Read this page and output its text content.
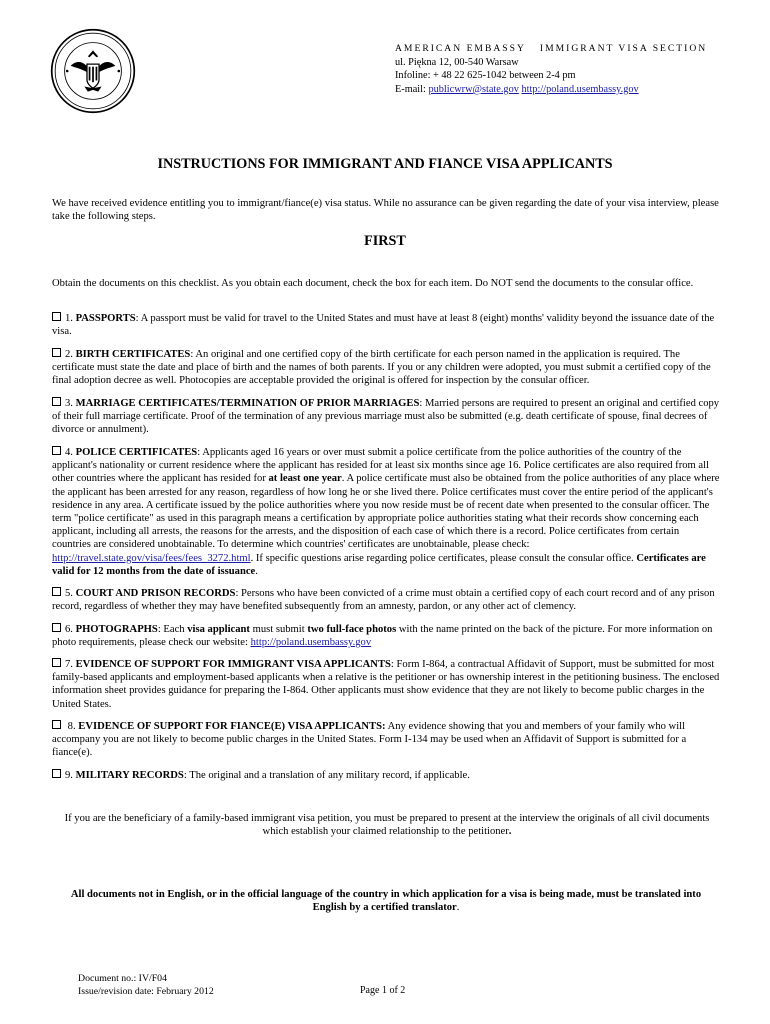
AMERICAN EMBASSY IMMIGRANT VISA SECTION
ul. Piękna 12, 00-540 Warsaw
Infoline: + 48 22 625-1042 between 2-4 pm
E-mail: publicwrw@state.gov http://poland.usembassy.gov
INSTRUCTIONS FOR IMMIGRANT AND FIANCE VISA APPLICANTS
We have received evidence entitling you to immigrant/fiance(e) visa status. While no assurance can be given regarding the date of your visa interview, please take the following steps.
FIRST
Obtain the documents on this checklist. As you obtain each document, check the box for each item. Do NOT send the documents to the consular office.
1. PASSPORTS: A passport must be valid for travel to the United States and must have at least 8 (eight) months' validity beyond the issuance date of the visa.
2. BIRTH CERTIFICATES: An original and one certified copy of the birth certificate for each person named in the application is required. The certificate must state the date and place of birth and the names of both parents. If you or any children were adopted, you must submit a certified copy of the final adoption decree as well. Photocopies are acceptable provided the original is offered for inspection by the consular officer.
3. MARRIAGE CERTIFICATES/TERMINATION OF PRIOR MARRIAGES: Married persons are required to present an original and certified copy of their full marriage certificate. Proof of the termination of any previous marriage must also be submitted (e.g. death certificate of spouse, final decrees of divorce or annulment).
4. POLICE CERTIFICATES: Applicants aged 16 years or over must submit a police certificate from the police authorities of the country of the applicant's nationality or current residence where the applicant has resided for at least six months since age 16. Police certificates are also required from all other countries where the applicant has resided for at least one year. A police certificate must also be obtained from the police authorities of any place where the applicant has been arrested for any reason, regardless of how long he or she lived there. Police certificates must cover the entire period of the applicant's residence in any area. A certificate issued by the police authorities where you now reside must be of recent date when presented to the consular officer. The term "police certificate" as used in this paragraph means a certification by appropriate police authorities stating what their records show concerning each applicant, including all arrests, the reasons for the arrests, and the disposition of each case of which there is a record. Police certificates from certain countries are considered unobtainable. To determine which countries' certificates are unobtainable, please check: http://travel.state.gov/visa/fees/fees_3272.html. If specific questions arise regarding police certificates, please consult the consular office. Certificates are valid for 12 months from the date of issuance.
5. COURT AND PRISON RECORDS: Persons who have been convicted of a crime must obtain a certified copy of each court record and of any prison record, regardless of whether they may have benefited subsequently from an amnesty, pardon, or any other act of clemency.
6. PHOTOGRAPHS: Each visa applicant must submit two full-face photos with the name printed on the back of the picture. For more information on photo requirements, please check our website: http://poland.usembassy.gov
7. EVIDENCE OF SUPPORT FOR IMMIGRANT VISA APPLICANTS: Form I-864, a contractual Affidavit of Support, must be submitted for most family-based applicants and employment-based applicants when a relative is the petitioner or has ownership interest in the petitioning business. The enclosed information sheet provides guidance for preparing the I-864. Other applicants must show evidence that they are not likely to become public charges in the United States.
8. EVIDENCE OF SUPPORT FOR FIANCE(E) VISA APPLICANTS: Any evidence showing that you and members of your family who will accompany you are not likely to become public charges in the United States. Form I-134 may be used when an Affidavit of Support is submitted for a fiance(e).
9. MILITARY RECORDS: The original and a translation of any military record, if applicable.
If you are the beneficiary of a family-based immigrant visa petition, you must be prepared to present at the interview the originals of all civil documents which establish your claimed relationship to the petitioner.
All documents not in English, or in the official language of the country in which application for a visa is being made, must be translated into English by a certified translator.
Document no.: IV/F04
Issue/revision date: February 2012	Page 1 of 2
